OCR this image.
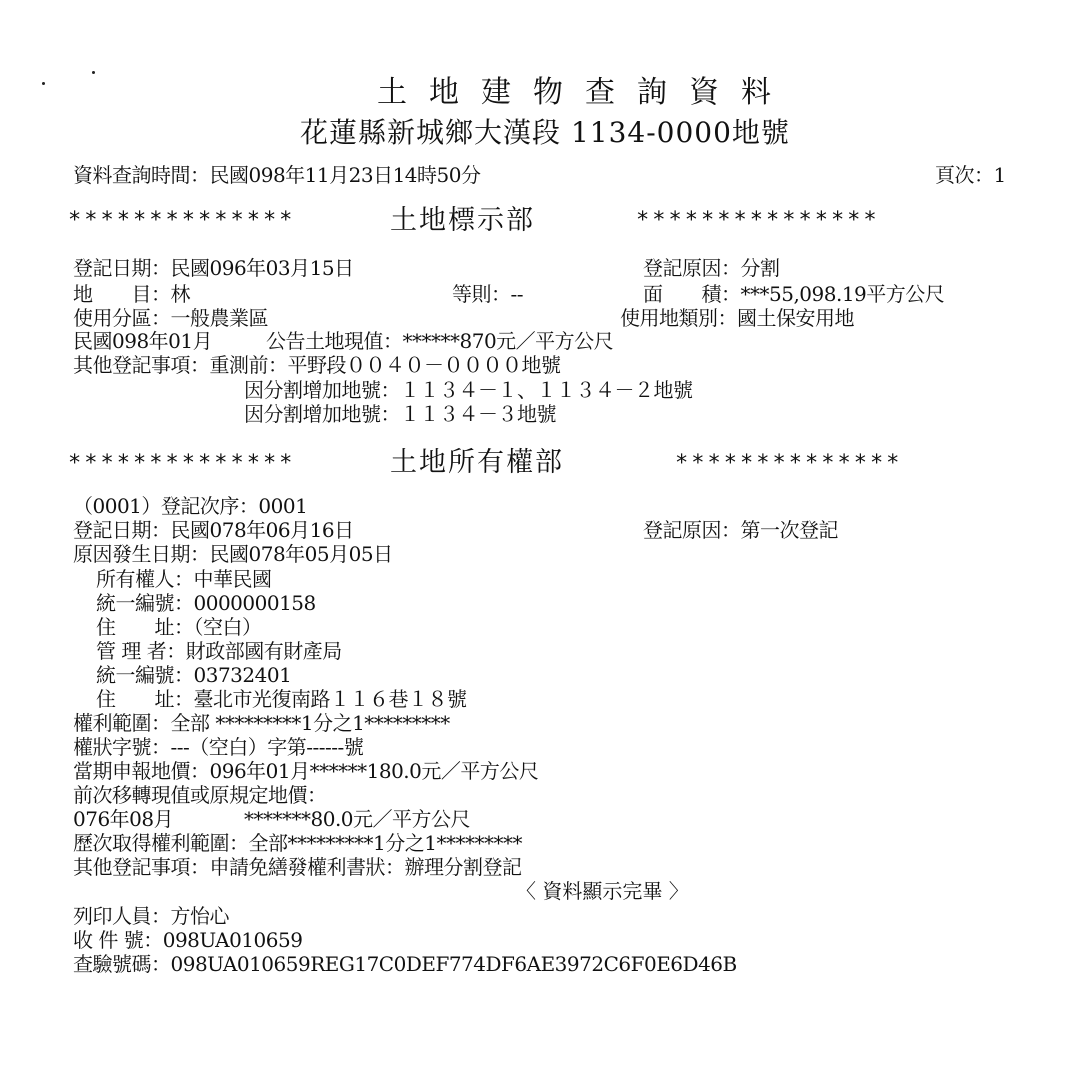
土地建物查詢資料
花蓮縣新城鄉大漢段 1134-0000地號
資料查詢時間：民國098年11月23日14時50分	頁次：1
**************	土地標示部	***************
登記日期：民國096年03月15日	登記原因：分割
地　　目：林	等則：--	面　　積：***55,098.19平方公尺
使用分區：一般農業區	使用地類別：國土保安用地
民國098年01月	公告土地現值：******870元／平方公尺
其他登記事項：重測前：平野段００４０－００００地號
因分割增加地號：１１３４－１、１１３４－２地號
因分割增加地號：１１３４－３地號
**************	土地所有權部	**************
（0001）登記次序：0001
登記日期：民國078年06月16日	登記原因：第一次登記
原因發生日期：民國078年05月05日
所有權人：中華民國
統一編號：0000000158
住　　址：（空白）
管 理 者：財政部國有財產局
統一編號：03732401
住　　址：臺北市光復南路１１６巷１８號
權利範圍：全部 *********1分之1*********
權狀字號：---（空白）字第------號
當期申報地價：096年01月******180.0元／平方公尺
前次移轉現值或原規定地價：
076年08月	*******80.0元／平方公尺
歷次取得權利範圍：全部*********1分之1*********
其他登記事項：申請免繕發權利書狀：辦理分割登記
〈 資料顯示完畢 〉
列印人員：方怡心
收 件 號：098UA010659
查驗號碼：098UA010659REG17C0DEF774DF6AE3972C6F0E6D46B
